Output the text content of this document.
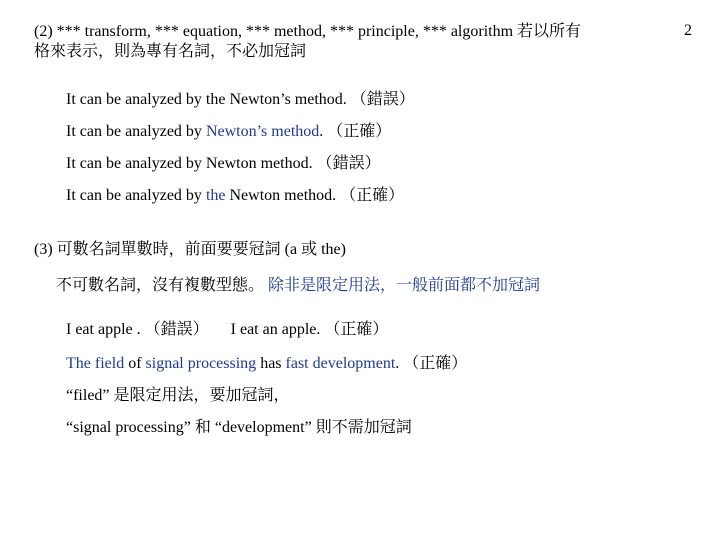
2
(2) *** transform, *** equation, *** method, *** principle, *** algorithm 若以所有
格來表示，則為專有名詞，不必加冠詞
It can be analyzed by the Newton’s method. （錯誤）
It can be analyzed by Newton’s method. （正確）
It can be analyzed by Newton method. （錯誤）
It can be analyzed by the Newton method. （正確）
(3) 可數名詞單數時，前面要要冠詞 (a 或 the)
不可數名詞，沒有複數型態。 除非是限定用法，一般前面都不加冠詞
I eat apple . （錯誤） I eat an apple. （正確）
The field of signal processing has fast development. （正確）
“filed” 是限定用法，要加冠詞，
“signal processing” 和 “development” 則不需加冠詞
